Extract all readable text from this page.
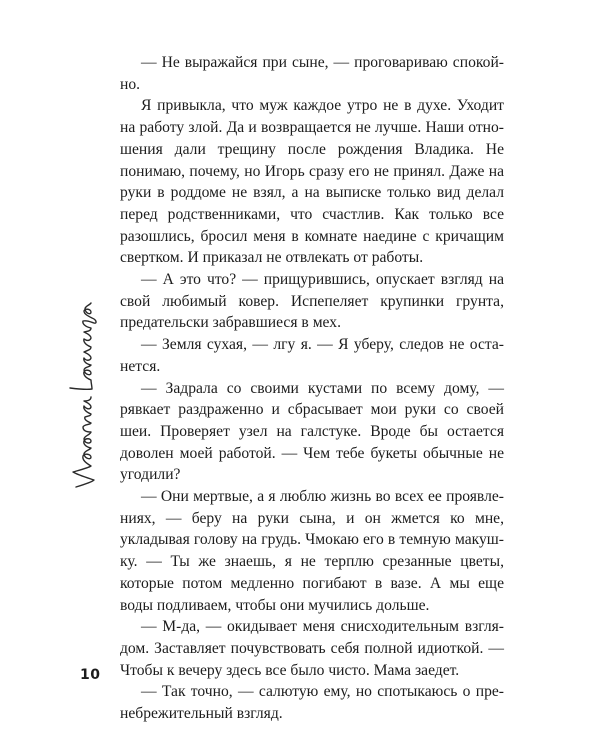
— Не выражайся при сыне, — проговариваю спокойно.

Я привыкла, что муж каждое утро не в духе. Уходит на работу злой. Да и возвращается не лучше. Наши отношения дали трещину после рождения Владика. Не понимаю, почему, но Игорь сразу его не принял. Даже на руки в роддоме не взял, а на выписке только вид делал перед родственниками, что счастлив. Как только все разошлись, бросил меня в комнате наедине с кричащим свертком. И приказал не отвлекать от работы.

— А это что? — прищурившись, опускает взгляд на свой любимый ковер. Испепеляет крупинки грунта, предательски забравшиеся в мех.

— Земля сухая, — лгу я. — Я уберу, следов не останется.

— Задрала со своими кустами по всему дому, — рявкает раздраженно и сбрасывает мои руки со своей шеи. Проверяет узел на галстуке. Вроде бы остается доволен моей работой. — Чем тебе букеты обычные не угодили?

— Они мертвые, а я люблю жизнь во всех ее проявлениях, — беру на руки сына, и он жмется ко мне, укладывая голову на грудь. Чмокаю его в темную макушку. — Ты же знаешь, я не терплю срезанные цветы, которые потом медленно погибают в вазе. А мы еще воды подливаем, чтобы они мучились дольше.

— М-да, — окидывает меня снисходительным взглядом. Заставляет почувствовать себя полной идиоткой. — Чтобы к вечеру здесь все было чисто. Мама заедет.

— Так точно, — салютую ему, но спотыкаюсь о пренебрежительный взгляд.

10
